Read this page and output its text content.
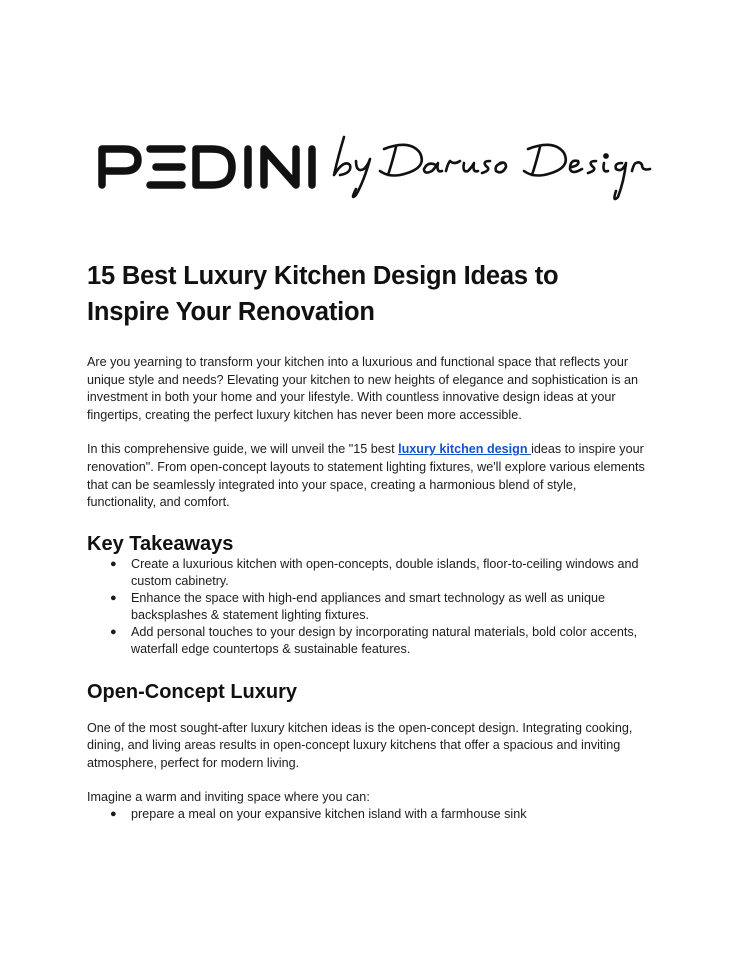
15 Best Luxury Kitchen Design Ideas to Inspire Your Renovation

Are you yearning to transform your kitchen into a luxurious and functional space that reflects your unique style and needs? Elevating your kitchen to new heights of elegance and sophistication is an investment in both your home and your lifestyle. With countless innovative design ideas at your fingertips, creating the perfect luxury kitchen has never been more accessible.

In this comprehensive guide, we will unveil the "15 best luxury kitchen design ideas to inspire your renovation". From open-concept layouts to statement lighting fixtures, we'll explore various elements that can be seamlessly integrated into your space, creating a harmonious blend of style, functionality, and comfort.

Key Takeaways
● Create a luxurious kitchen with open-concepts, double islands, floor-to-ceiling windows and custom cabinetry.
● Enhance the space with high-end appliances and smart technology as well as unique backsplashes & statement lighting fixtures.
● Add personal touches to your design by incorporating natural materials, bold color accents, waterfall edge countertops & sustainable features.
Open-Concept Luxury

One of the most sought-after luxury kitchen ideas is the open-concept design. Integrating cooking, dining, and living areas results in open-concept luxury kitchens that offer a spacious and inviting atmosphere, perfect for modern living.

Imagine a warm and inviting space where you can:

● prepare a meal on your expansive kitchen island with a farmhouse sink
